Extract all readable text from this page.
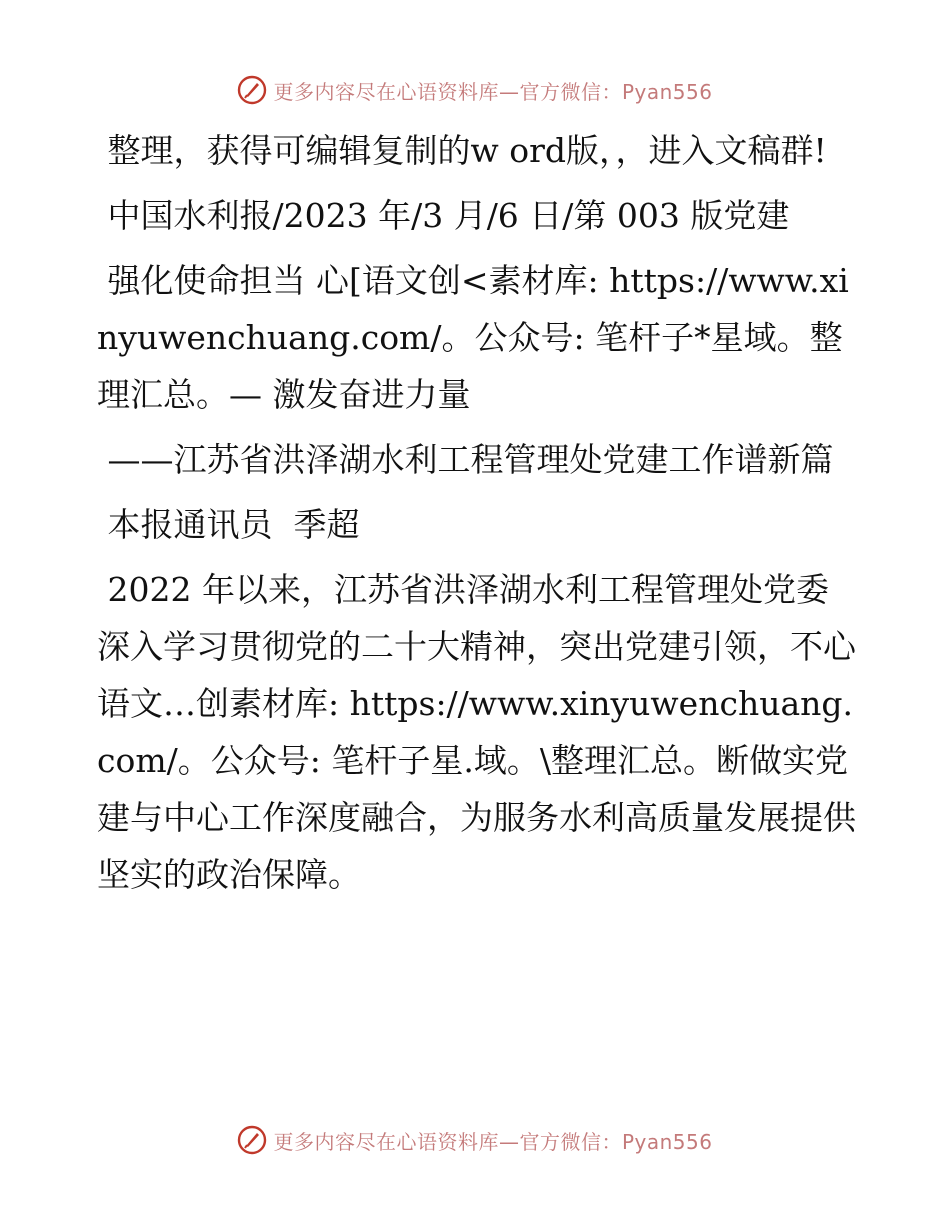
更多内容尽在心语资料库—官方微信：Pyan556

整理，获得可编辑复制的w ord版，，进入文稿群!

中国水利报/2023 年/3 月/6 日/第 003 版党建

强化使命担当 心[语文创<素材库: https://www.xinyuwenchuang.com/。公众号: 笔杆子*星域。整理汇总。— 激发奋进力量

——江苏省洪泽湖水利工程管理处党建工作谱新篇

本报通讯员  季超

2022 年以来，江苏省洪泽湖水利工程管理处党委深入学习贯彻党的二十大精神，突出党建引领，不心语文…创素材库: https://www.xinyuwenchuang.com/。公众号: 笔杆子星.域。\整理汇总。断做实党建与中心工作深度融合，为服务水利高质量发展提供坚实的政治保障。

更多内容尽在心语资料库—官方微信：Pyan556
